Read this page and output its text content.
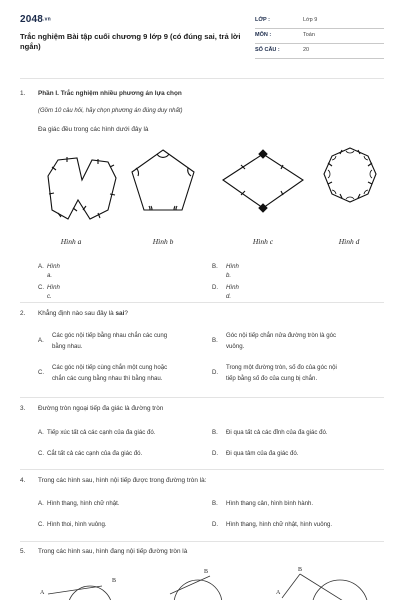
2048.vn
Trắc nghiệm Bài tập cuối chương 9 lớp 9 (có đúng sai, trả lời ngắn)
LỚP :	Lớp 9
MÔN :	Toán
SỐ CÂU :	20
1. Phần I. Trắc nghiệm nhiều phương án lựa chọn
(Gồm 10 câu hỏi, hãy chọn phương án đúng duy nhất)
Đa giác đều trong các hình dưới đây là
Hình a	Hình b	Hình c	Hình d
A. Hình a.
B. Hình b.
C. Hình c.
D. Hình d.
2. Khẳng định nào sau đây là sai?
A.
Các góc nội tiếp bằng nhau chắn các cung
bằng nhau.
B.
Góc nội tiếp chắn nửa đường tròn là góc
vuông.
C.
Các góc nội tiếp cùng chắn một cung hoặc
chắn các cung bằng nhau thì bằng nhau.
D.
Trong một đường tròn, số đo của góc nội
tiếp bằng số đo của cung bị chắn.
3. Đường tròn ngoại tiếp đa giác là đường tròn
A. Tiếp xúc tất cả các cạnh của đa giác đó.	B. Đi qua tất cả các đỉnh của đa giác đó.
C. Cắt tất cả các cạnh của đa giác đó.	D. Đi qua tâm của đa giác đó.
4. Trong các hình sau, hình nội tiếp được trong đường tròn là:
A. Hình thang, hình chữ nhật.	B. Hình thang cân, hình bình hành.
C. Hình thoi, hình vuông.	D. Hình thang, hình chữ nhật, hình vuông.
5. Trong các hình sau, hình đang nội tiếp đường tròn là
A
B
B	B
A
